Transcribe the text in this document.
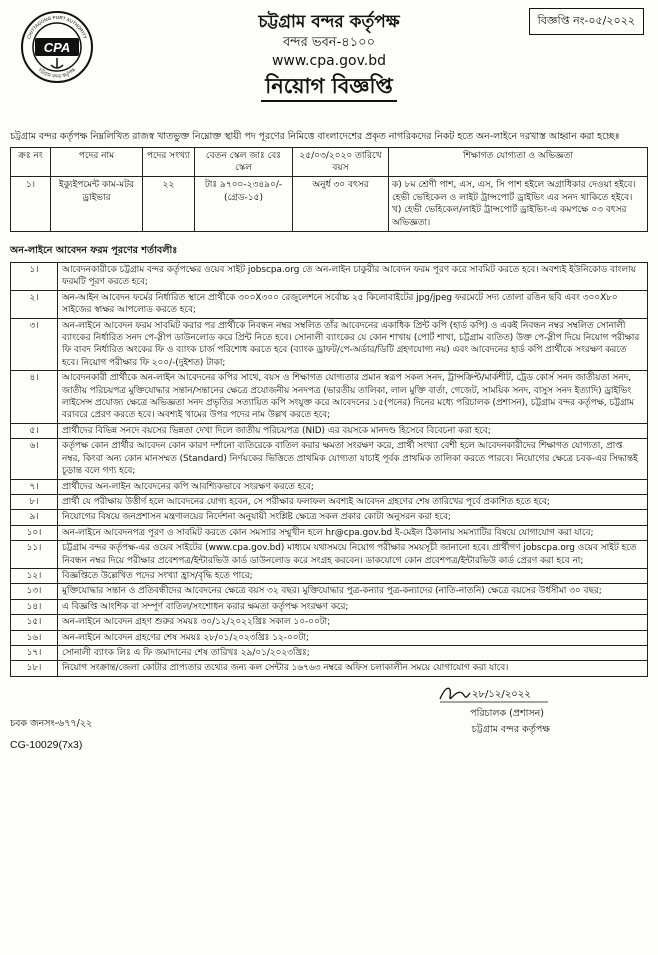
CPA
CHITTAGONG PORT AUTHORITY
চট্টগ্রাম বন্দর কর্তৃপক্ষ

চট্টগ্রাম বন্দর কর্তৃপক্ষ

বন্দর ভবন-৪১০০

www.cpa.gov.bd

নিয়োগ বিজ্ঞপ্তি
বিজ্ঞপ্তি নং-০৫/২০২২

চট্টগ্রাম বন্দর কর্তৃপক্ষ নিম্নলিখিত রাজস্ব খাতভুক্ত নিম্নোক্ত স্থায়ী পদ পূরণের নিমিত্তে বাংলাদেশের প্রকৃত নাগরিকদের নিকট হতে অন-লাইনে দরখাস্ত আহ্বান করা হচ্ছেঃ

ক্রঃ নং	পদের নাম	পদের সংখ্যা	বেতন স্কেল জাঃ বেঃ স্কেল	২৫/০৩/২০২০ তারিখে বয়স	শিক্ষাগত যোগ্যতা ও অভিজ্ঞতা
১।	ইক্যুইপমেন্ট কাম-মটর ড্রাইভার	২২	টাঃ ৯৭০০-২৩৪৯০/- (গ্রেড-১৫)	অনুর্ধ ৩০ বৎসর	ক) ৮ম শ্রেণী পাশ, এস, এস, সি পাশ হইলে অগ্রাধিকার দেওয়া হইবে। হেভী ভেহিকেল ও লাইট ট্রান্সপোর্ট ড্রাইভিং এর সনদ থাকিতে হইবে।
খ) হেভী ভেহিকেল/লাইট ট্রান্সপোর্ট ড্রাইভিং-এ কমপক্ষে ০৩ বৎসর অভিজ্ঞতা।
অন-লাইনে আবেদন ফরম পূরণের শর্তাবলীঃ
১।	আবেদনকারীকে চট্টগ্রাম বন্দর কর্তৃপক্ষের ওয়েব সাইট jobscpa.org তে অন-লাইন চাকুরীর আবেদন ফরম পূরণ করে সাবমিট করতে হবে। অবশ্যই ইউনিকোড বাংলায় ফরমটি পূরণ করতে হবে;
২।	অন-আইন আবেদন ফর্মের নির্ধারিত স্থানে প্রার্থীকে ৩০০X৩০০ রেজুলেশনে সর্বোচ্চ ২৫ কিলোবাইটের jpg/jpeg ফরমেটে সদ্য তোলা রঙিন ছবি এবং ৩০০X৮০ সাইজের স্বাক্ষর আপলোড করতে হবে;
৩।	অন-লাইনে আবেদন ফরম সাবমিট করার পর প্রার্থীকে নিবন্ধন নম্বর সম্বলিত তাঁর আবেদনের একাধিক প্রিন্ট কপি (হার্ড কপি) ও একই নিবন্ধন নম্বর সম্বলিত সোনালী ব্যাংকের নির্ধারিত সনদ পে-স্লীপ ডাউনলোড করে প্রিন্ট নিতে হবে। সোনালী ব্যাংকের যে কোন শাখায় (পোর্ট শাখা, চট্টগ্রাম ব্যতিত) উক্ত পে-স্লীপ দিয়ে নিয়োগ পরীক্ষার ফি বাবদ নির্ধারিত অংকের ফি ও ব্যাংক চার্জ পরিশোধ করতে হবে (ব্যাংক ড্রাফট/পে-অর্ডার/ডিটি গ্রহণযোগ্য নয়) এবং আবেদনের হার্ড কপি প্রার্থীকে সংরক্ষণ করতে হবে। নিয়োগ পরীক্ষার ফি ২০০/-(দুইশত) টাকা;
৪।	আবেদনকারী প্রার্থীকে অন-লাইন আবেদনের কপির সাথে, বয়স ও শিক্ষাগত যোগ্যতার প্রমান স্বরূপ সকল সনদ, ট্রান্সক্রিপ্ট/মার্কশীট, ট্রেড কোর্স সনদ জাতীয়তা সনদ, জাতীয় পরিচয়পত্র মুক্তিযোদ্ধার সন্তান/সন্তানের ক্ষেত্রে প্রযোজনীয় সনদপত্র (ভারতীয় তালিকা, লাল মুক্তি বার্তা, গেজেট, সাময়িক সনদ, বাসুস সনদ ইত্যাদি) ড্রাইভিং লাইসেন্স প্রযোজ্য ক্ষেত্রে অভিজ্ঞতা সনদ প্রভৃতির সত্যায়িত কপি সংযুক্ত করে আবেদনের ১৫(পনের) দিনের মধ্যে পরিচালক (প্রশাসন), চট্টগ্রাম বন্দর কর্তৃপক্ষ, চট্টগ্রাম বরাবরে প্রেরণ করতে হবে। অবশ্যই খামের উপর পদের নাম উল্লখ করতে হবে;
৫।	প্রার্থীদের বিভিন্ন সনদে বয়সের ভিন্নতা দেখা দিলে জাতীয় পরিচয়পত্র (NID) এর বয়সকে মানদণ্ড হিসেবে বিবেচনা করা হবে;
৬।	কর্তৃপক্ষ কোন প্রার্থীর আবেদন কোন কারণ দর্শানো ব্যতিরেকে বাতিল করার ক্ষমতা সংরক্ষণ করে, প্রার্থী সংখ্যা বেশী হলে আবেদনকারীদের শিক্ষাগত যোগ্যতা, প্রাপ্ত নম্বর, কিংবা অন্য কোন মানসম্মত (Standard) নির্ণয়কের ভিত্তিতে প্রাথমিক যোগ্যতা যাচাই পূর্বক প্রাথমিক তালিকা করতে পারবে। নিয়োগের ক্ষেত্রে চবক-এর সিদ্ধান্তই চূড়ান্ত বলে গণ্য হবে;
৭।	প্রার্থীদের অন-লাইন আবেদনের কপি আবশ্যিকভাবে সংরক্ষণ করতে হবে;
৮।	প্রার্থী যে পরীক্ষায় উত্তীর্ণ হলে আবেদনের যোগ্য হবেন, সে পরীক্ষার ফলাফল অবশ্যই আবেদন গ্রহণের শেষ তারিখের পূর্বে প্রকাশিত হতে হবে;
৯।	নিয়োগের বিষয়ে জনপ্রশাসন মন্ত্রণালয়ের নির্দেশনা অনুযায়ী সংশ্লিষ্ট ক্ষেত্রে সকল প্রকার কোটা অনুসরন করা হবে;
১০।	অন-লাইনে আবেদনপত্র পূরণ ও সাবমিট করতে কোন সমস্যার সম্মুখীন হলে hr@cpa.gov.bd ই-মেইল ঠিকানায় সমস্যাটির বিষয়ে যোগাযোগ করা যাবে;
১১।	চট্টগ্রাম বন্দর কর্তৃপক্ষ-এর ওয়েব সাইটের (www.cpa.gov.bd) মাধ্যমে যথাসময়ে নিয়োগ পরীক্ষার সময়সূচী জানানো হবে। প্রার্থীগণ jobscpa.org ওয়েব সাইট হতে নিবন্ধন নম্বর দিয়ে পরীক্ষার প্রবেশপত্র/ইন্টারভিউ কার্ড ডাউনলোড করে সংগ্রহ করবেন। ডাকযোগে কোন প্রবেশপত্র/ইন্টারভিউ কার্ড প্রেরণ করা হবে না;
১২।	বিজ্ঞপ্তিতে উল্লেখিত পদের সংখ্যা হ্রাস/বৃদ্ধি হতে পারে;
১৩।	মুক্তিযোদ্ধার সন্তান ও প্রতিবন্ধীদের আবেদনের ক্ষেত্রে বয়স ৩২ বছর। মুক্তিযোদ্ধার পুত্র-কন্যার পুত্র-কন্যাদের (নাতি-নাতনি) ক্ষেত্রে বয়সের উর্ধসীমা ৩০ বছর;
১৪।	এ বিজ্ঞপ্তি আংশিক বা সম্পূর্ণ বাতিল/সংশোধন করার ক্ষমতা কর্তৃপক্ষ সংরক্ষণ করে;
১৫।	অন-লাইনে আবেদন গ্রহণ শুরুর সময়ঃ ৩০/১২/২০২২খ্রিঃ সকাল ১০-০০টা;
১৬।	অন-লাইনে আবেদন গ্রহণের শেষ সময়ঃ ২৮/০১/২০২৩খ্রিঃ ১২-০০টা;
১৭।	সোনালী ব্যাংক লিঃ এ ফি জমাদানের শেষ তারিখঃ ২৯/০১/২০২৩খ্রিঃ;
১৮।	নিয়োগ সংক্রান্ত/জেলা কোটার প্রাপ্যতার তথ্যের জন্য কল সেন্টার ১৬৭৬৩ নম্বরে অফিস চলাকালীন সময়ে যোগাযোগ করা যাবে।
২৮/১২/২০২২
পরিচালক (প্রশাসন)
চট্টগ্রাম বন্দর কর্তৃপক্ষ
চবক জনসং-৬৭৭/২২
CG-10029(7x3)
